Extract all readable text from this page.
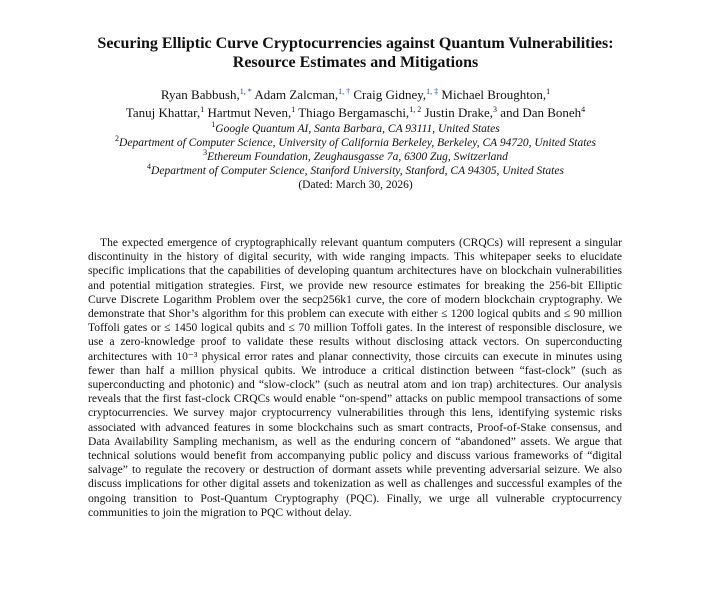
Securing Elliptic Curve Cryptocurrencies against Quantum Vulnerabilities:
Resource Estimates and Mitigations
Ryan Babbush,$^{1, *}$ Adam Zalcman,$^{1, \dagger}$ Craig Gidney,$^{1, \ddagger}$ Michael Broughton,$^1$
Tanuj Khattar,$^1$ Hartmut Neven,$^1$ Thiago Bergamaschi,$^{1, 2}$ Justin Drake,$^3$ and Dan Boneh$^4$
$^1$Google Quantum AI, Santa Barbara, CA 93111, United States
$^2$Department of Computer Science, University of California Berkeley, Berkeley, CA 94720, United States
$^3$Ethereum Foundation, Zeughausgasse 7a, 6300 Zug, Switzerland
$^4$Department of Computer Science, Stanford University, Stanford, CA 94305, United States
(Dated: March 30, 2026)

The expected emergence of cryptographically relevant quantum computers (CRQCs) will represent a singular discontinuity in the history of digital security, with wide ranging impacts. This whitepaper seeks to elucidate specific implications that the capabilities of developing quantum architectures have on blockchain vulnerabilities and potential mitigation strategies. First, we provide new resource estimates for breaking the 256-bit Elliptic Curve Discrete Logarithm Problem over the secp256k1 curve, the core of modern blockchain cryptography. We demonstrate that Shor’s algorithm for this problem can execute with either ≤ 1200 logical qubits and ≤ 90 million Toffoli gates or ≤ 1450 logical qubits and ≤ 70 million Toffoli gates. In the interest of responsible disclosure, we use a zero-knowledge proof to validate these results without disclosing attack vectors. On superconducting architectures with 10⁻³ physical error rates and planar connectivity, those circuits can execute in minutes using fewer than half a million physical qubits. We introduce a critical distinction between “fast-clock” (such as superconducting and photonic) and “slow-clock” (such as neutral atom and ion trap) architectures. Our analysis reveals that the first fast-clock CRQCs would enable “on-spend” attacks on public mempool transactions of some cryptocurrencies. We survey major cryptocurrency vulnerabilities through this lens, identifying systemic risks associated with advanced features in some blockchains such as smart contracts, Proof-of-Stake consensus, and Data Availability Sampling mechanism, as well as the enduring concern of “abandoned” assets. We argue that technical solutions would benefit from accompanying public policy and discuss various frameworks of “digital salvage” to regulate the recovery or destruction of dormant assets while preventing adversarial seizure. We also discuss implications for other digital assets and tokenization as well as challenges and successful examples of the ongoing transition to Post-Quantum Cryptography (PQC). Finally, we urge all vulnerable cryptocurrency communities to join the migration to PQC without delay.
